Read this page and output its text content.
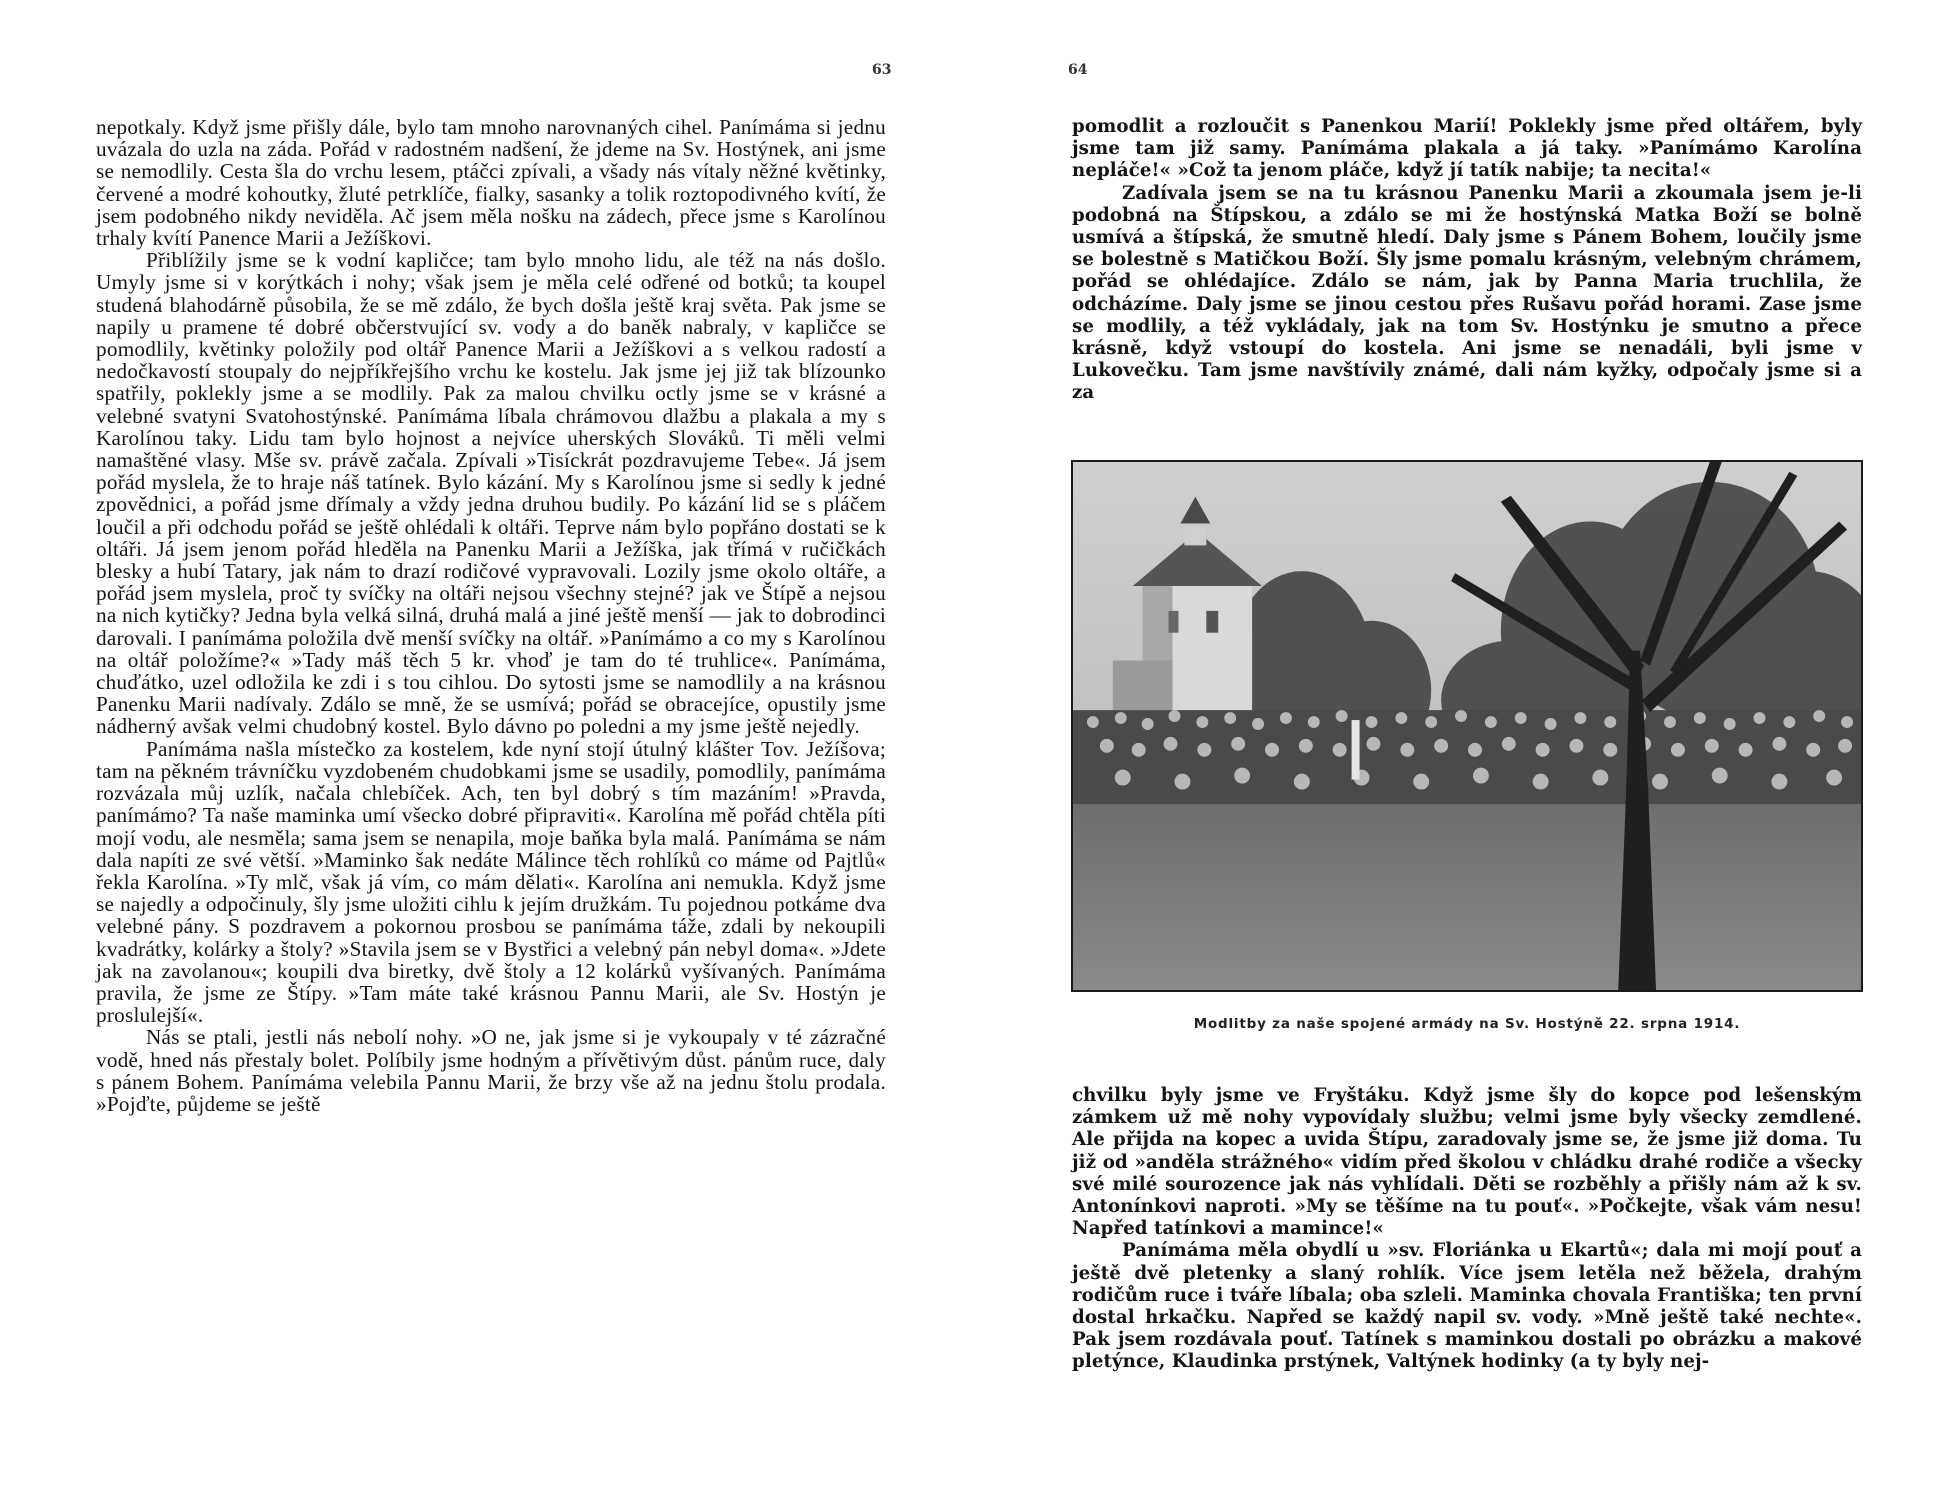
63

nepotkaly. Když jsme přišly dále, bylo tam mnoho narovnaných cihel. Panímáma si jednu uvázala do uzla na záda. Pořád v radostném nadšení, že jdeme na Sv. Hostýnek, ani jsme se nemodlily. Cesta šla do vrchu lesem, ptáčci zpívali, a všady nás vítaly něžné květinky, červené a modré kohoutky, žluté petrklíče, fialky, sasanky a tolik roztopodivného kvítí, že jsem podobného nikdy neviděla. Ač jsem měla nošku na zádech, přece jsme s Karolínou trhaly kvítí Panence Marii a Ježíškovi.

Přiblížily jsme se k vodní kapličce; tam bylo mnoho lidu, ale též na nás došlo. Umyly jsme si v korýtkách i nohy; však jsem je měla celé odřené od botků; ta koupel studená blahodárně působila, že se mě zdálo, že bych došla ještě kraj světa. Pak jsme se napily u pramene té dobré občerstvující sv. vody a do baněk nabraly, v kapličce se pomodlily, květinky položily pod oltář Panence Marii a Ježíškovi a s velkou radostí a nedočkavostí stoupaly do nejpříkřejšího vrchu ke kostelu. Jak jsme jej již tak blízounko spatřily, poklekly jsme a se modlily. Pak za malou chvilku octly jsme se v krásné a velebné svatyni Svatohostýnské. Panímáma líbala chrámovou dlažbu a plakala a my s Karolínou taky. Lidu tam bylo hojnost a nejvíce uherských Slováků. Ti měli velmi namaštěné vlasy. Mše sv. právě začala. Zpívali »Tisíckrát pozdravujeme Tebe«. Já jsem pořád myslela, že to hraje náš tatínek. Bylo kázání. My s Karolínou jsme si sedly k jedné zpovědnici, a pořád jsme dřímaly a vždy jedna druhou budily. Po kázání lid se s pláčem loučil a při odchodu pořád se ještě ohlédali k oltáři. Teprve nám bylo popřáno dostati se k oltáři. Já jsem jenom pořád hleděla na Panenku Marii a Ježíška, jak třímá v ručičkách blesky a hubí Tatary, jak nám to drazí rodičové vypravovali. Lozily jsme okolo oltáře, a pořád jsem myslela, proč ty svíčky na oltáři nejsou všechny stejné? jak ve Štípě a nejsou na nich kytičky? Jedna byla velká silná, druhá malá a jiné ještě menší — jak to dobrodinci darovali. I panímáma položila dvě menší svíčky na oltář. »Panímámo a co my s Karolínou na oltář položíme?« »Tady máš těch 5 kr. vhoď je tam do té truhlice«. Panímáma, chuďátko, uzel odložila ke zdi i s tou cihlou. Do sytosti jsme se namodlily a na krásnou Panenku Marii nadívaly. Zdálo se mně, že se usmívá; pořád se obracejíce, opustily jsme nádherný avšak velmi chudobný kostel. Bylo dávno po poledni a my jsme ještě nejedly.

Panímáma našla místečko za kostelem, kde nyní stojí útulný klášter Tov. Ježíšova; tam na pěkném trávníčku vyzdobeném chudobkami jsme se usadily, pomodlily, panímáma rozvázala můj uzlík, načala chlebíček. Ach, ten byl dobrý s tím mazáním! »Pravda, panímámo? Ta naše maminka umí všecko dobré připraviti«. Karolína mě pořád chtěla píti mojí vodu, ale nesměla; sama jsem se nenapila, moje baňka byla malá. Panímáma se nám dala napíti ze své větší. »Maminko šak nedáte Málince těch rohlíků co máme od Pajtlů« řekla Karolína. »Ty mlč, však já vím, co mám dělati«. Karolína ani nemukla. Když jsme se najedly a odpočinuly, šly jsme uložiti cihlu k jejím družkám. Tu pojednou potkáme dva velebné pány. S pozdravem a pokornou prosbou se panímáma táže, zdali by nekoupili kvadrátky, kolárky a štoly? »Stavila jsem se v Bystřici a velebný pán nebyl doma«. »Jdete jak na zavolanou«; koupili dva biretky, dvě štoly a 12 kolárků vyšívaných. Panímáma pravila, že jsme ze Štípy. »Tam máte také krásnou Pannu Marii, ale Sv. Hostýn je proslulejší«.

Nás se ptali, jestli nás nebolí nohy. »O ne, jak jsme si je vykoupaly v té zázračné vodě, hned nás přestaly bolet. Políbily jsme hodným a přívětivým důst. pánům ruce, daly s pánem Bohem. Panímáma velebila Pannu Marii, že brzy vše až na jednu štolu prodala. »Pojďte, půjdeme se ještě

64

pomodlit a rozloučit s Panenkou Marií! Poklekly jsme před oltářem, byly jsme tam již samy. Panímáma plakala a já taky. »Panímámo Karolína nepláče!« »Což ta jenom pláče, když jí tatík nabije; ta necita!«

Zadívala jsem se na tu krásnou Panenku Marii a zkoumala jsem je-li podobná na Štípskou, a zdálo se mi že hostýnská Matka Boží se bolně usmívá a štípská, že smutně hledí. Daly jsme s Pánem Bohem, loučily jsme se bolestně s Matičkou Boží. Šly jsme pomalu krásným, velebným chrámem, pořád se ohlédajíce. Zdálo se nám, jak by Panna Maria truchlila, že odcházíme. Daly jsme se jinou cestou přes Rušavu pořád horami. Zase jsme se modlily, a též vykládaly, jak na tom Sv. Hostýnku je smutno a přece krásně, když vstoupí do kostela. Ani jsme se nenadáli, byli jsme v Lukovečku. Tam jsme navštívily známé, dali nám kyžky, odpočaly jsme si a za

Modlitby za naše spojené armády na Sv. Hostýně 22. srpna 1914.

chvilku byly jsme ve Fryštáku. Když jsme šly do kopce pod lešenským zámkem už mě nohy vypovídaly službu; velmi jsme byly všecky zemdlené. Ale přijda na kopec a uvida Štípu, zaradovaly jsme se, že jsme již doma. Tu již od »anděla strážného« vidím před školou v chládku drahé rodiče a všecky své milé sourozence jak nás vyhlídali. Děti se rozběhly a přišly nám až k sv. Antonínkovi naproti. »My se těšíme na tu pouť«. »Počkejte, však vám nesu! Napřed tatínkovi a mamince!«

Panímáma měla obydlí u »sv. Floriánka u Ekartů«; dala mi mojí pouť a ještě dvě pletenky a slaný rohlík. Více jsem letěla než běžela, drahým rodičům ruce i tváře líbala; oba szleli. Maminka chovala Františka; ten první dostal hrkačku. Napřed se každý napil sv. vody. »Mně ještě také nechte«. Pak jsem rozdávala pouť. Tatínek s maminkou dostali po obrázku a makové pletýnce, Klaudinka prstýnek, Valtýnek hodinky (a ty byly nej-
